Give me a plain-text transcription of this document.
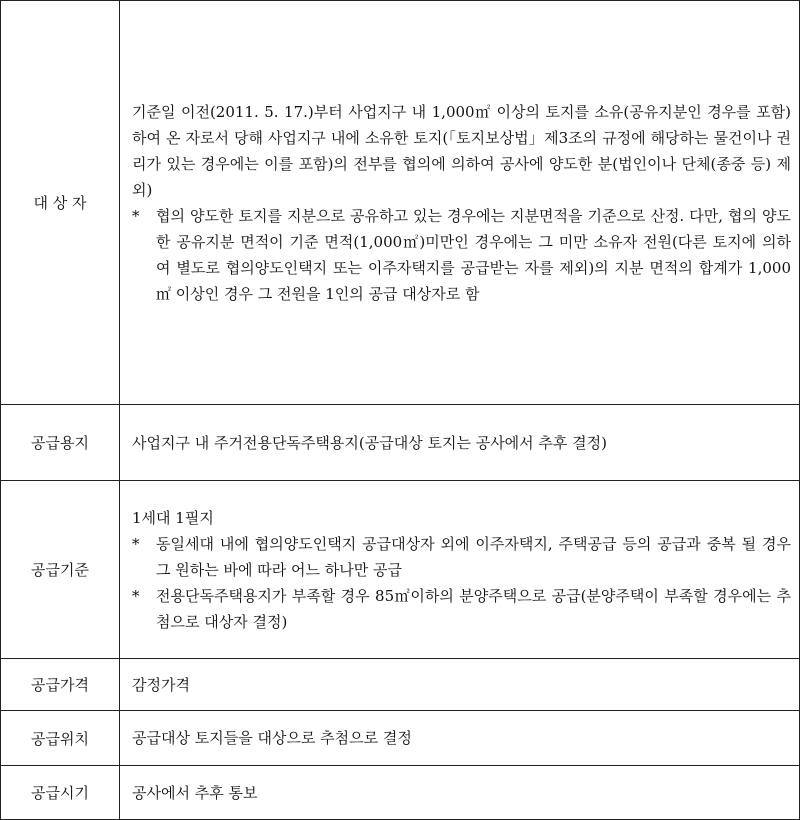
대 상 자	기준일 이전(2011. 5. 17.)부터 사업지구 내 1,000㎡ 이상의 토지를 소유(공유지분인 경우를 포함)하여 온 자로서 당해 사업지구 내에 소유한 토지(「토지보상법」제3조의 규정에 해당하는 물건이나 권리가 있는 경우에는 이를 포함)의 전부를 협의에 의하여 공사에 양도한 분(법인이나 단체(종중 등) 제외)

* 협의 양도한 토지를 지분으로 공유하고 있는 경우에는 지분면적을 기준으로 산정. 다만, 협의 양도한 공유지분 면적이 기준 면적(1,000㎡)미만인 경우에는 그 미만 소유자 전원(다른 토지에 의하여 별도로 협의양도인택지 또는 이주자택지를 공급받는 자를 제외)의 지분 면적의 합계가 1,000㎡ 이상인 경우 그 전원을 1인의 공급 대상자로 함

공급용지	사업지구 내 주거전용단독주택용지(공급대상 토지는 공사에서 추후 결정)
공급기준	1세대 1필지

* 동일세대 내에 협의양도인택지 공급대상자 외에 이주자택지, 주택공급 등의 공급과 중복 될 경우 그 원하는 바에 따라 어느 하나만 공급

* 전용단독주택용지가 부족할 경우 85㎡이하의 분양주택으로 공급(분양주택이 부족할 경우에는 추첨으로 대상자 결정)

공급가격	감정가격
공급위치	공급대상 토지들을 대상으로 추첨으로 결정
공급시기	공사에서 추후 통보
